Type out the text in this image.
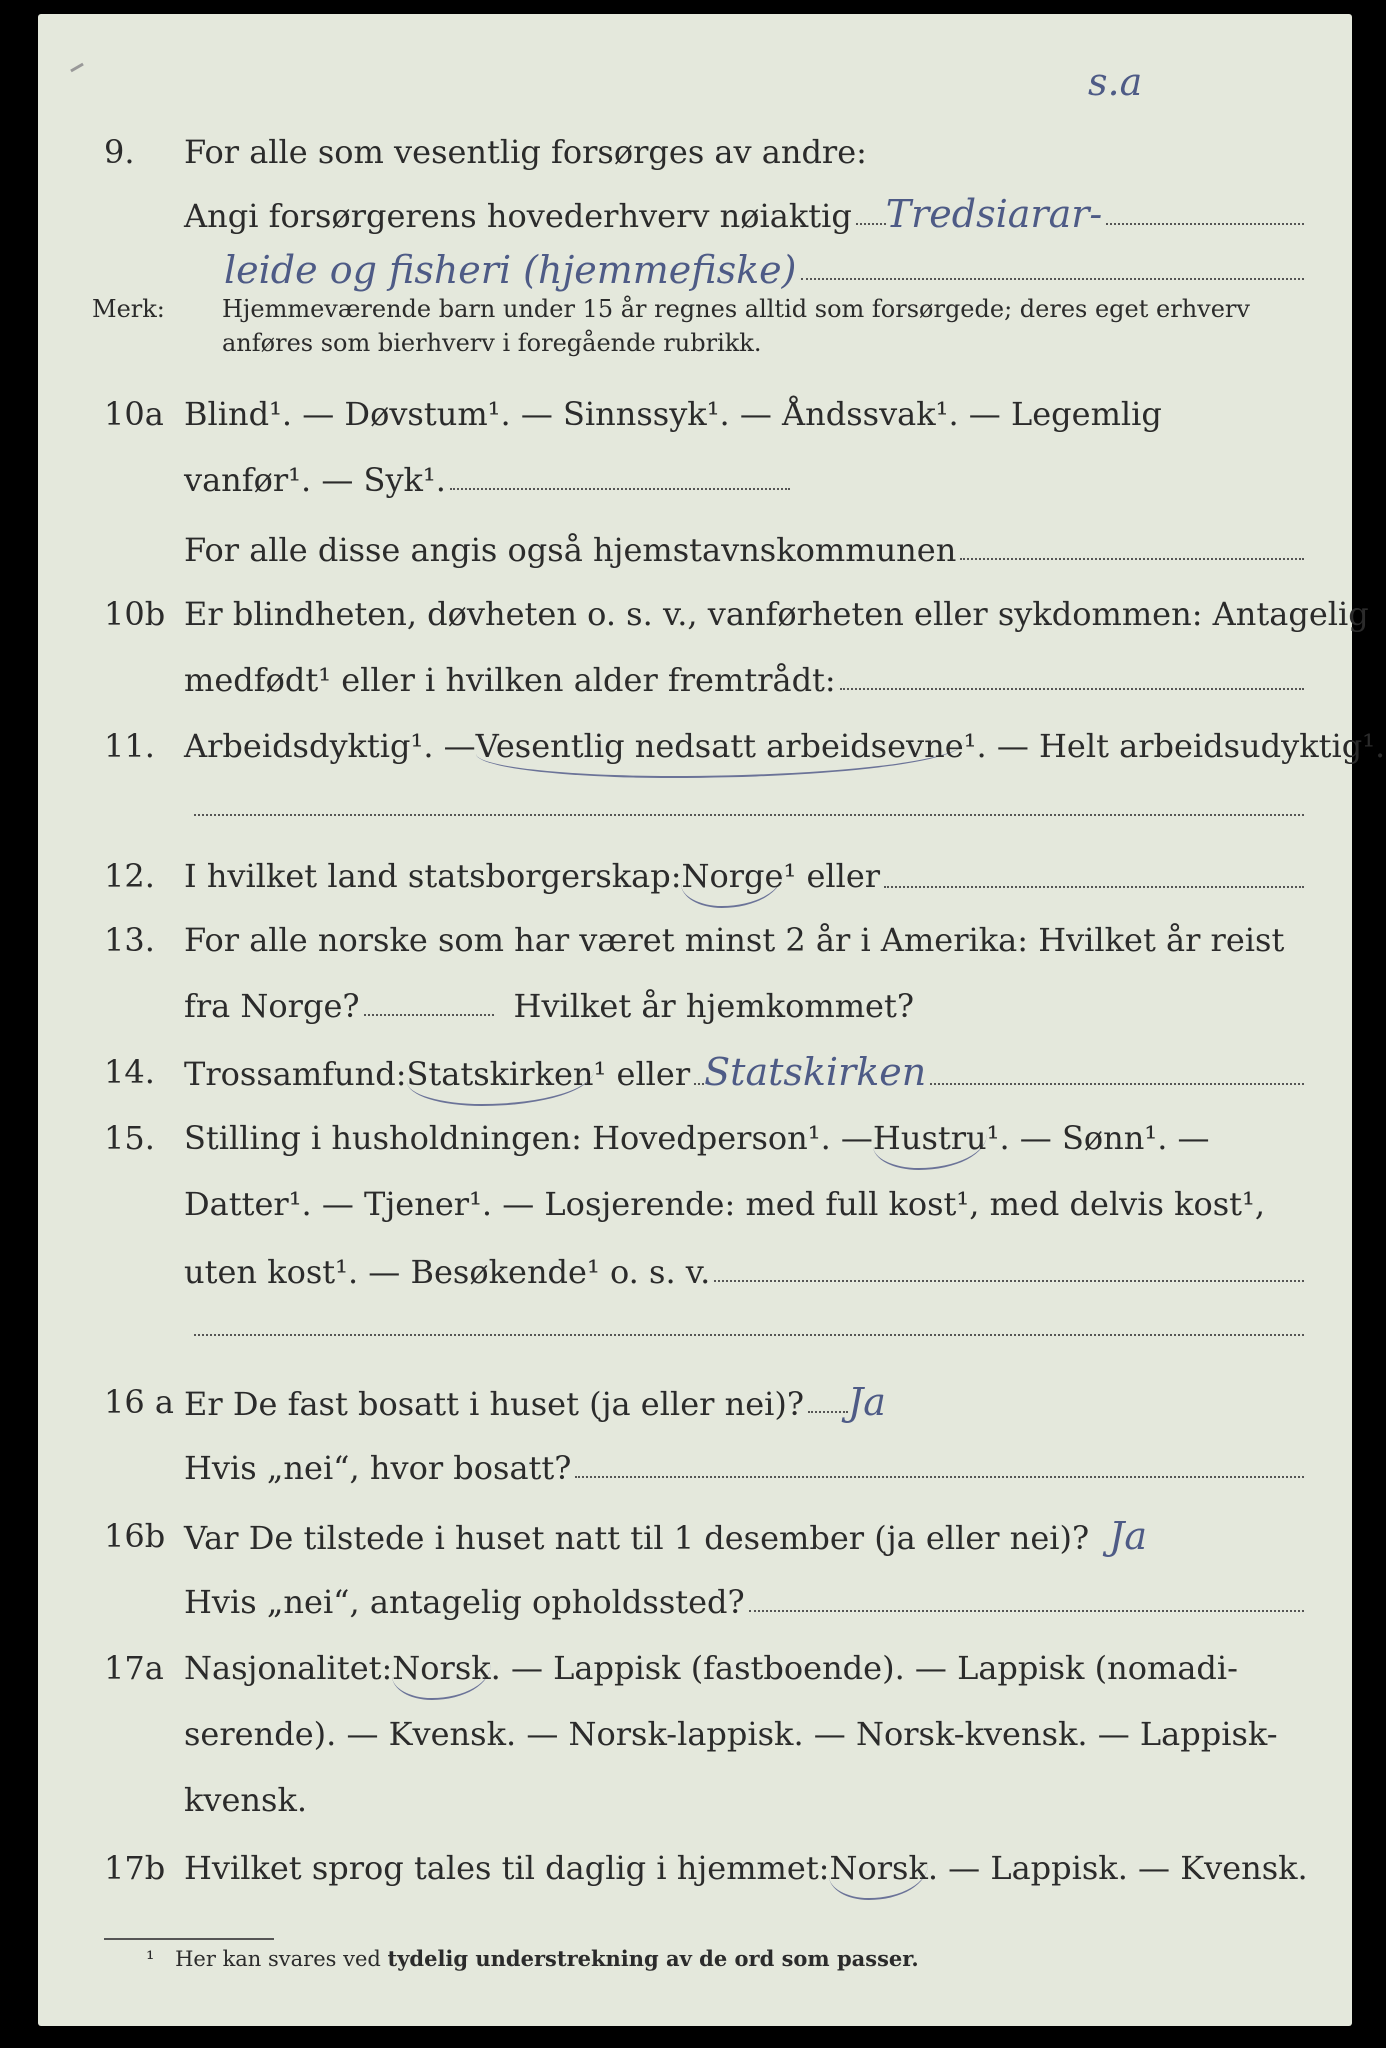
9. For alle som vesentlig forsørges av andre:
s.a
Angi forsørgerens hovederhverv nøiaktig Tredsiarar-
leide og fisheri (hjemmefiske)
Merk: Hjemmeværende barn under 15 år regnes alltid som forsørgede; deres eget erhverv
anføres som bierhverv i foregående rubrikk.
10a Blind¹. — Døvstum¹. — Sinnssyk¹. — Åndssvak¹. — Legemlig
vanfør¹. — Syk¹.
For alle disse angis også hjemstavnskommunen
10b Er blindheten, døvheten o. s. v., vanførheten eller sykdommen: Antagelig
medfødt¹ eller i hvilken alder fremtrådt:
11. Arbeidsdyktig¹. — Vesentlig nedsatt arbeidsevne ¹. — Helt arbeidsudyktig¹.
12. I hvilket land statsborgerskap: Norge ¹ eller
13. For alle norske som har været minst 2 år i Amerika: Hvilket år reist
fra Norge?	Hvilket år hjemkommet?
14. Trossamfund: Statskirken ¹ eller Statskirken
15. Stilling i husholdningen: Hovedperson¹. — Hustru ¹. — Sønn¹. —
Datter¹. — Tjener¹. — Losjerende: med full kost¹, med delvis kost¹,
uten kost¹. — Besøkende¹ o. s. v.
16 a Er De fast bosatt i huset (ja eller nei)? Ja
Hvis „nei“, hvor bosatt?
16b Var De tilstede i huset natt til 1 desember (ja eller nei)? Ja
Hvis „nei“, antagelig opholdssted?
17a Nasjonalitet: Norsk . — Lappisk (fastboende). — Lappisk (nomadi-
serende). — Kvensk. — Norsk-lappisk. — Norsk-kvensk. — Lappisk-
kvensk.
17b Hvilket sprog tales til daglig i hjemmet: Norsk . — Lappisk. — Kvensk.
¹ Her kan svares ved tydelig understrekning av de ord som passer.
